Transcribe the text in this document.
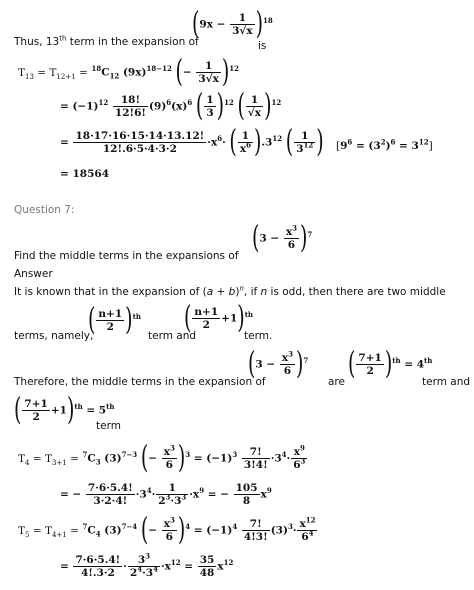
Thus, 13th term in the expansion of
$(9x - \frac{1}{3√x} )^{18}$
is
$T_{13} = T_{12+1} = ^{18}C_{12}$ $(9x)^{18-12}$ (− $\frac{1}{3√x} )^{12}$
= $(-1)^{12} \frac{18!}{12!6!} (9)^6(x)^6$ ( $\frac{1}{3} )^{12}$ ( $\frac{1}{√x} )^{12}$
= $\frac{18\cdot 17\cdot 16\cdot 15\cdot 14\cdot 13.12!}{12!.6\cdot 5\cdot 4\cdot 3\cdot 2} \cdot x^6\cdot$ ( $\frac{1}{x^6} ).3^{12}$ ( $\frac{1}{3^{12}}$ ) $[9^6 = (3^2)^6 = 3^{12}]$
= 18564
Question 7:
Find the middle terms in the expansions of
$(3 - \frac{x^3}{6} )^7$
Answer
It is known that in the expansion of $(a + b)^n$, if n is odd, then there are two middle
terms, namely,
( $\frac{n+1}{2} )^{th}$
term and
( $\frac{n+1}{2} +1)^{th}$
term.
Therefore, the middle terms in the expansion of
$(3 - \frac{x^3}{6} )^7$
are
( $\frac{7+1}{2} )^{th} = 4th$
term and
( $\frac{7+1}{2} +1)^{th} = 5th$
term
$T_4 = T_{3+1} = ^7C_3$ $(3)^{7-3}$ (− $\frac{x^3}{6} )^3 = (-1)^3 \frac{7!}{3!4!} \cdot 3^4\cdot \frac{x^9}{6^3}$
= − $\frac{7\cdot 6\cdot 5.4!}{3\cdot 2\cdot 4!} \cdot 3^4\cdot \frac{1}{2^3\cdot 3^3} \cdot x^9$ = − $\frac{105}{8} x^9$
$T_5 = T_{4+1} = ^7C_4$ $(3)^{7-4}$ (− $\frac{x^3}{6} )^4 = (-1)^4 \frac{7!}{4!3!} (3)^3\cdot \frac{x^{12}}{6^4}$
= $\frac{7\cdot 6\cdot 5.4!}{4!.3\cdot 2} \cdot \frac{3^3}{2^4\cdot 3^4} \cdot x^{12} = \frac{35}{48} x^{12}$
